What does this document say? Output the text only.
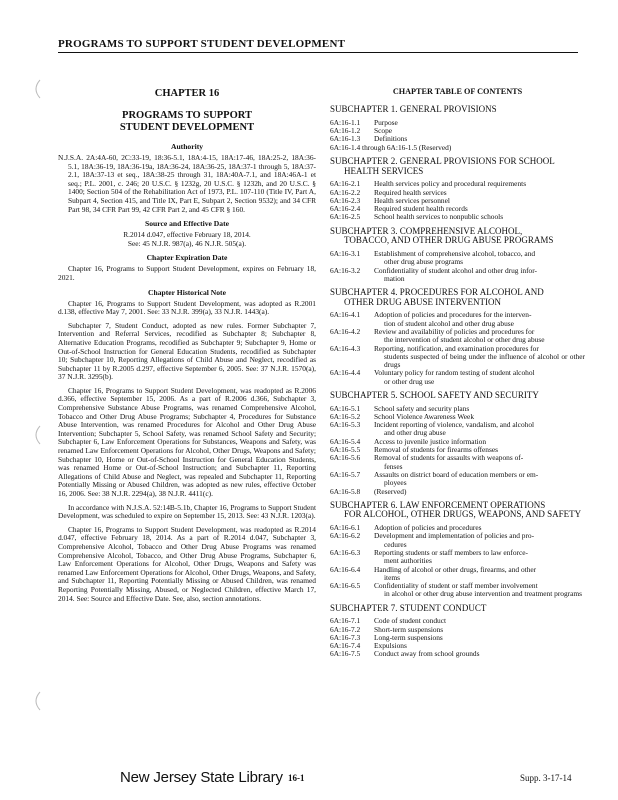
PROGRAMS TO SUPPORT STUDENT DEVELOPMENT
CHAPTER 16
PROGRAMS TO SUPPORT
STUDENT DEVELOPMENT
Authority
N.J.S.A. 2A:4A-60, 2C:33-19, 18:36-5.1, 18A:4-15, 18A:17-46, 18A:25-2, 18A:36-5.1, 18A:36-19, 18A:36-19a, 18A:36-24, 18A:36-25, 18A:37-1 through 5, 18A:37-2.1, 18A:37-13 et seq., 18A:38-25 through 31, 18A:40A-7.1, and 18A:46A-1 et seq.; P.L. 2001, c. 246; 20 U.S.C. § 1232g, 20 U.S.C. § 1232h, and 20 U.S.C. § 1400; Section 504 of the Rehabilitation Act of 1973, P.L. 107-110 (Title IV, Part A, Subpart 4, Section 415, and Title IX, Part E, Subpart 2, Section 9532); and 34 CFR Part 98, 34 CFR Part 99, 42 CFR Part 2, and 45 CFR § 160.
Source and Effective Date
R.2014 d.047, effective February 18, 2014.
See: 45 N.J.R. 987(a), 46 N.J.R. 505(a).
Chapter Expiration Date
Chapter 16, Programs to Support Student Development, expires on February 18, 2021.
Chapter Historical Note
Chapter 16, Programs to Support Student Development, was adopted as R.2001 d.138, effective May 7, 2001. See: 33 N.J.R. 399(a), 33 N.J.R. 1443(a).
Subchapter 7, Student Conduct, adopted as new rules. Former Subchapter 7, Intervention and Referral Services, recodified as Subchapter 8; Subchapter 8, Alternative Education Programs, recodified as Subchapter 9; Subchapter 9, Home or Out-of-School Instruction for General Education Students, recodified as Subchapter 10; Subchapter 10, Reporting Allegations of Child Abuse and Neglect, recodified as Subchapter 11 by R.2005 d.297, effective September 6, 2005. See: 37 N.J.R. 1570(a), 37 N.J.R. 3295(b).
Chapter 16, Programs to Support Student Development, was readopted as R.2006 d.366, effective September 15, 2006. As a part of R.2006 d.366, Subchapter 3, Comprehensive Substance Abuse Programs, was renamed Comprehensive Alcohol, Tobacco and Other Drug Abuse Programs; Subchapter 4, Procedures for Substance Abuse Intervention, was renamed Procedures for Alcohol and Other Drug Abuse Intervention; Subchapter 5, School Safety, was renamed School Safety and Security; Subchapter 6, Law Enforcement Operations for Substances, Weapons and Safety, was renamed Law Enforcement Operations for Alcohol, Other Drugs, Weapons and Safety; Subchapter 10, Home or Out-of-School Instruction for General Education Students, was renamed Home or Out-of-School Instruction; and Subchapter 11, Reporting Allegations of Child Abuse and Neglect, was repealed and Subchapter 11, Reporting Potentially Missing or Abused Children, was adopted as new rules, effective October 16, 2006. See: 38 N.J.R. 2294(a), 38 N.J.R. 4411(c).
In accordance with N.J.S.A. 52:14B-5.1b, Chapter 16, Programs to Support Student Development, was scheduled to expire on September 15, 2013. See: 43 N.J.R. 1203(a).
Chapter 16, Programs to Support Student Development, was readopted as R.2014 d.047, effective February 18, 2014. As a part of R.2014 d.047, Subchapter 3, Comprehensive Alcohol, Tobacco and Other Drug Abuse Programs was renamed Comprehensive Alcohol, Tobacco, and Other Drug Abuse Programs, Subchapter 6, Law Enforcement Operations for Alcohol, Other Drugs, Weapons and Safety was renamed Law Enforcement Operations for Alcohol, Other Drugs, Weapons, and Safety, and Subchapter 11, Reporting Potentially Missing or Abused Children, was renamed Reporting Potentially Missing, Abused, or Neglected Children, effective March 17, 2014. See: Source and Effective Date. See, also, section annotations.
CHAPTER TABLE OF CONTENTS
SUBCHAPTER 1. GENERAL PROVISIONS
6A:16-1.1	Purpose
6A:16-1.2	Scope
6A:16-1.3	Definitions
6A:16-1.4 through 6A:16-1.5 (Reserved)
SUBCHAPTER 2. GENERAL PROVISIONS FOR SCHOOL
HEALTH SERVICES
6A:16-2.1	Health services policy and procedural requirements
6A:16-2.2	Required health services
6A:16-2.3	Health services personnel
6A:16-2.4	Required student health records
6A:16-2.5	School health services to nonpublic schools
SUBCHAPTER 3. COMPREHENSIVE ALCOHOL,
TOBACCO, AND OTHER DRUG ABUSE PROGRAMS
6A:16-3.1	Establishment of comprehensive alcohol, tobacco, and
other drug abuse programs
6A:16-3.2	Confidentiality of student alcohol and other drug infor-
mation
SUBCHAPTER 4. PROCEDURES FOR ALCOHOL AND
OTHER DRUG ABUSE INTERVENTION
6A:16-4.1	Adoption of policies and procedures for the interven-
tion of student alcohol and other drug abuse
6A:16-4.2	Review and availability of policies and procedures for
the intervention of student alcohol or other drug abuse
6A:16-4.3	Reporting, notification, and examination procedures for
students suspected of being under the influence of alcohol or other drugs
6A:16-4.4	Voluntary policy for random testing of student alcohol
or other drug use
SUBCHAPTER 5. SCHOOL SAFETY AND SECURITY
6A:16-5.1	School safety and security plans
6A:16-5.2	School Violence Awareness Week
6A:16-5.3	Incident reporting of violence, vandalism, and alcohol
and other drug abuse
6A:16-5.4	Access to juvenile justice information
6A:16-5.5	Removal of students for firearms offenses
6A:16-5.6	Removal of students for assaults with weapons of-
fenses
6A:16-5.7	Assaults on district board of education members or em-
ployees
6A:16-5.8	(Reserved)
SUBCHAPTER 6. LAW ENFORCEMENT OPERATIONS
FOR ALCOHOL, OTHER DRUGS, WEAPONS, AND SAFETY
6A:16-6.1	Adoption of policies and procedures
6A:16-6.2	Development and implementation of policies and pro-
cedures
6A:16-6.3	Reporting students or staff members to law enforce-
ment authorities
6A:16-6.4	Handling of alcohol or other drugs, firearms, and other
items
6A:16-6.5	Confidentiality of student or staff member involvement
in alcohol or other drug abuse intervention and treatment programs
SUBCHAPTER 7. STUDENT CONDUCT
6A:16-7.1	Code of student conduct
6A:16-7.2	Short-term suspensions
6A:16-7.3	Long-term suspensions
6A:16-7.4	Expulsions
6A:16-7.5	Conduct away from school grounds
New Jersey State Library 16-1	Supp. 3-17-14
